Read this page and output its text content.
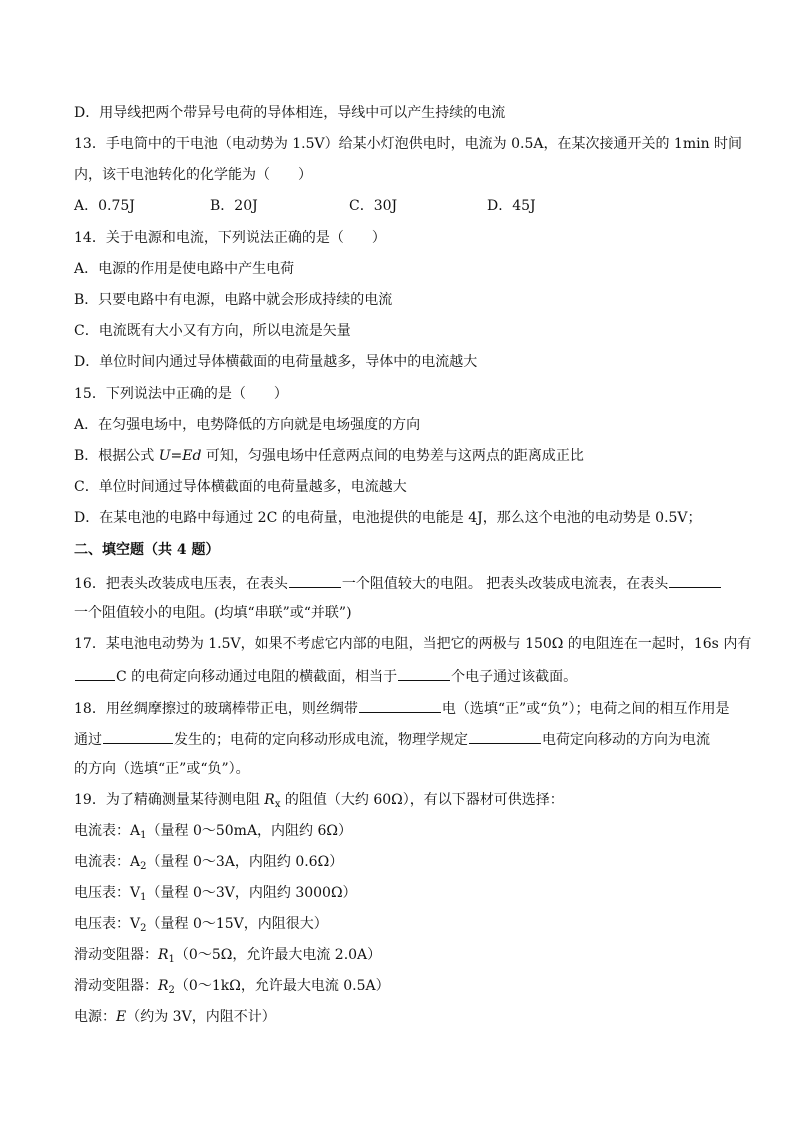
D．用导线把两个带异号电荷的导体相连，导线中可以产生持续的电流
13．手电筒中的干电池（电动势为 1.5V）给某小灯泡供电时，电流为 0.5A，在某次接通开关的 1min 时间
内，该干电池转化的化学能为（　　）
A．0.75J	B．20J	C．30J	D．45J
14．关于电源和电流，下列说法正确的是（　　）
A．电源的作用是使电路中产生电荷
B．只要电路中有电源，电路中就会形成持续的电流
C．电流既有大小又有方向，所以电流是矢量
D．单位时间内通过导体横截面的电荷量越多，导体中的电流越大
15．下列说法中正确的是（　　）
A．在匀强电场中，电势降低的方向就是电场强度的方向
B．根据公式 U=Ed 可知，匀强电场中任意两点间的电势差与这两点的距离成正比
C．单位时间通过导体横截面的电荷量越多，电流越大
D．在某电池的电路中每通过 2C 的电荷量，电池提供的电能是 4J，那么这个电池的电动势是 0.5V；
二、填空题（共 4 题）
16．把表头改装成电压表，在表头	一个阻值较大的电阻。 把表头改装成电流表，在表头
一个阻值较小的电阻。(均填“串联”或“并联”)
17．某电池电动势为 1.5V，如果不考虑它内部的电阻，当把它的两极与 150Ω 的电阻连在一起时，16s 内有
C 的电荷定向移动通过电阻的横截面，相当于	个电子通过该截面。
18．用丝绸摩擦过的玻璃棒带正电，则丝绸带	电（选填“正”或“负”）；电荷之间的相互作用是
通过	发生的；电荷的定向移动形成电流，物理学规定	电荷定向移动的方向为电流
的方向（选填“正”或“负”）。
19．为了精确测量某待测电阻 $R_x$ 的阻值（大约 60Ω），有以下器材可供选择：
电流表：$A_1$（量程 0～50mA，内阻约 6Ω）
电流表：$A_2$（量程 0～3A，内阻约 0.6Ω）
电压表：$V_1$（量程 0～3V，内阻约 3000Ω）
电压表：$V_2$（量程 0～15V，内阻很大）
滑动变阻器：$R_1(0\sim 5\Omega$，允许最大电流 2.0A）
滑动变阻器：$R_2(0\sim 1k\Omega$，允许最大电流 0.5A）
电源：E（约为 3V，内阻不计）
